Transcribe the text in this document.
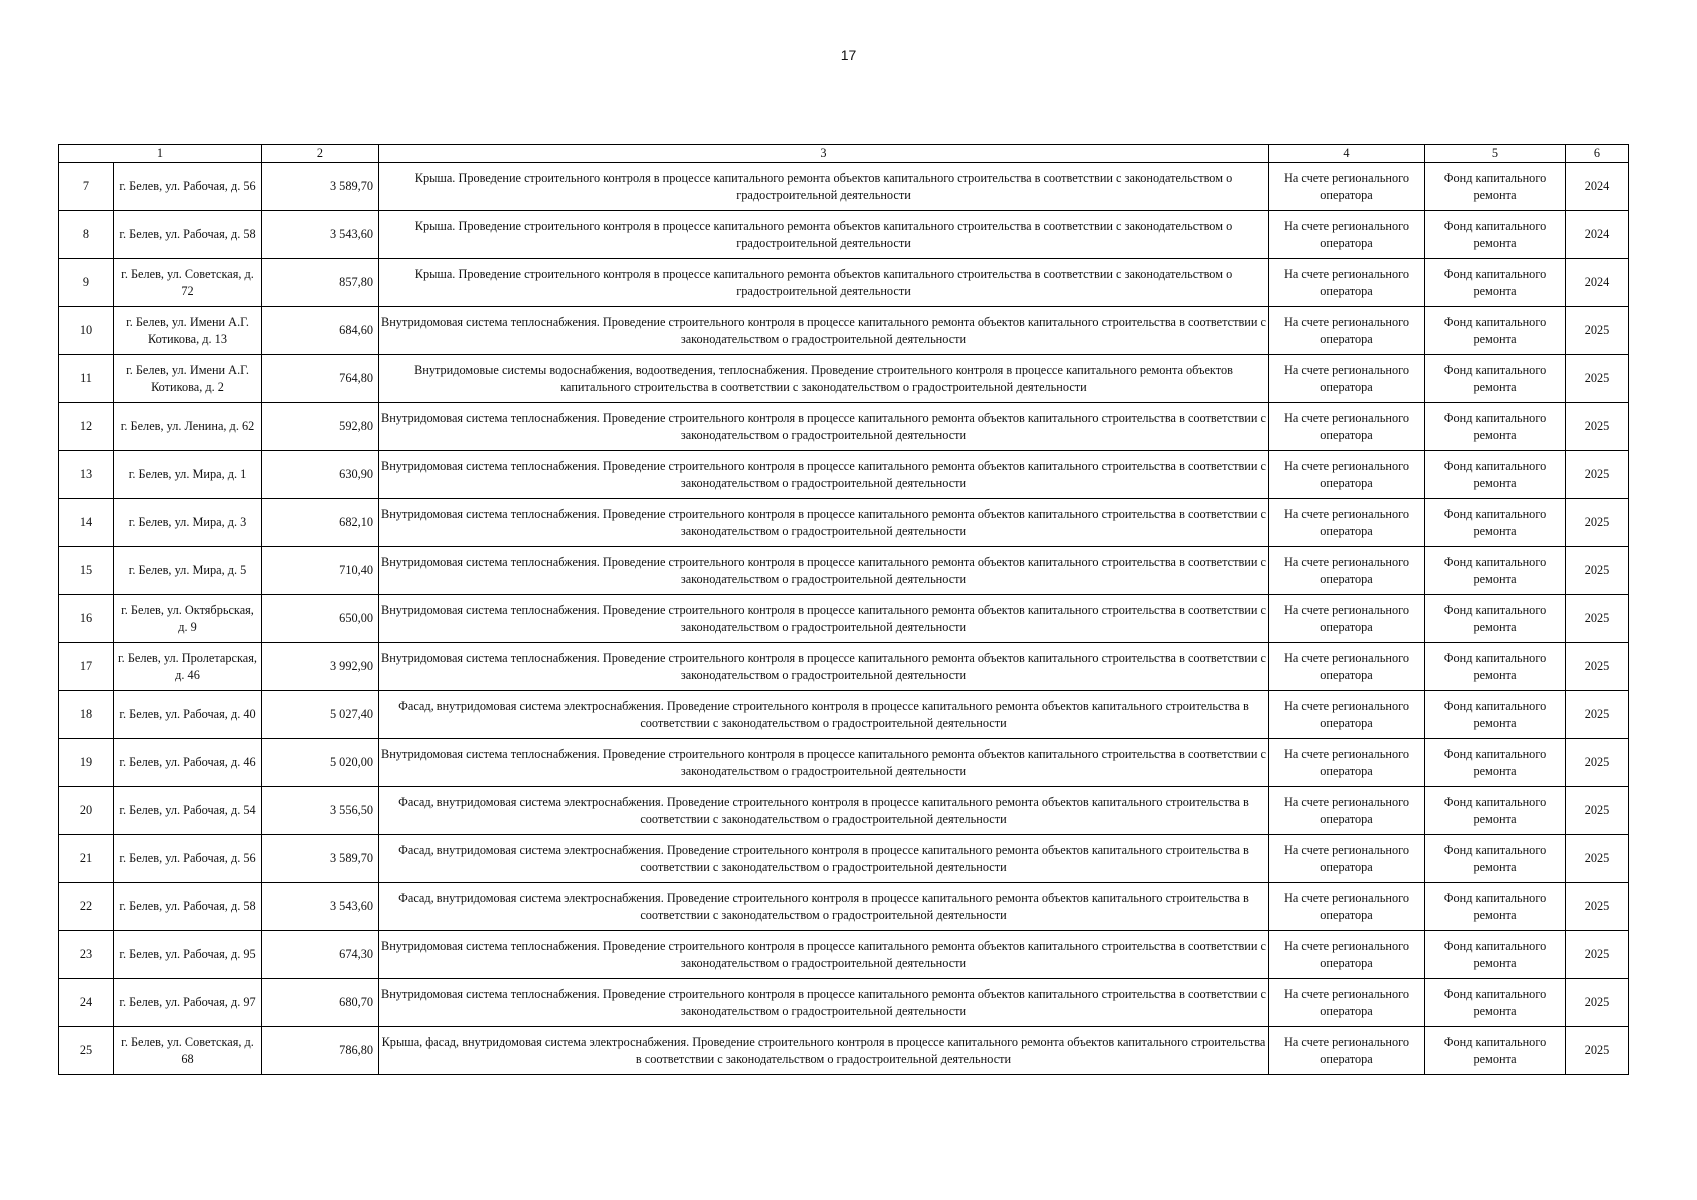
17
1		2	3	4	5	6
7	г. Белев, ул. Рабочая, д. 56	3 589,70	Крыша. Проведение строительного контроля в процессе капитального ремонта объектов капитального строительства в соответствии с законодательством о градостроительной деятельности	На счете регионального оператора	Фонд капитального ремонта	2024
8	г. Белев, ул. Рабочая, д. 58	3 543,60	Крыша. Проведение строительного контроля в процессе капитального ремонта объектов капитального строительства в соответствии с законодательством о градостроительной деятельности	На счете регионального оператора	Фонд капитального ремонта	2024
9	г. Белев, ул. Советская, д. 72	857,80	Крыша. Проведение строительного контроля в процессе капитального ремонта объектов капитального строительства в соответствии с законодательством о градостроительной деятельности	На счете регионального оператора	Фонд капитального ремонта	2024
10	г. Белев, ул. Имени А.Г. Котикова, д. 13	684,60	Внутридомовая система теплоснабжения. Проведение строительного контроля в процессе капитального ремонта объектов капитального строительства в соответствии с законодательством о градостроительной деятельности	На счете регионального оператора	Фонд капитального ремонта	2025
11	г. Белев, ул. Имени А.Г. Котикова, д. 2	764,80	Внутридомовые системы водоснабжения, водоотведения, теплоснабжения. Проведение строительного контроля в процессе капитального ремонта объектов капитального строительства в соответствии с законодательством о градостроительной деятельности	На счете регионального оператора	Фонд капитального ремонта	2025
12	г. Белев, ул. Ленина, д. 62	592,80	Внутридомовая система теплоснабжения. Проведение строительного контроля в процессе капитального ремонта объектов капитального строительства в соответствии с законодательством о градостроительной деятельности	На счете регионального оператора	Фонд капитального ремонта	2025
13	г. Белев, ул. Мира, д. 1	630,90	Внутридомовая система теплоснабжения. Проведение строительного контроля в процессе капитального ремонта объектов капитального строительства в соответствии с законодательством о градостроительной деятельности	На счете регионального оператора	Фонд капитального ремонта	2025
14	г. Белев, ул. Мира, д. 3	682,10	Внутридомовая система теплоснабжения. Проведение строительного контроля в процессе капитального ремонта объектов капитального строительства в соответствии с законодательством о градостроительной деятельности	На счете регионального оператора	Фонд капитального ремонта	2025
15	г. Белев, ул. Мира, д. 5	710,40	Внутридомовая система теплоснабжения. Проведение строительного контроля в процессе капитального ремонта объектов капитального строительства в соответствии с законодательством о градостроительной деятельности	На счете регионального оператора	Фонд капитального ремонта	2025
16	г. Белев, ул. Октябрьская, д. 9	650,00	Внутридомовая система теплоснабжения. Проведение строительного контроля в процессе капитального ремонта объектов капитального строительства в соответствии с законодательством о градостроительной деятельности	На счете регионального оператора	Фонд капитального ремонта	2025
17	г. Белев, ул. Пролетарская, д. 46	3 992,90	Внутридомовая система теплоснабжения. Проведение строительного контроля в процессе капитального ремонта объектов капитального строительства в соответствии с законодательством о градостроительной деятельности	На счете регионального оператора	Фонд капитального ремонта	2025
18	г. Белев, ул. Рабочая, д. 40	5 027,40	Фасад, внутридомовая система электроснабжения. Проведение строительного контроля в процессе капитального ремонта объектов капитального строительства в соответствии с законодательством о градостроительной деятельности	На счете регионального оператора	Фонд капитального ремонта	2025
19	г. Белев, ул. Рабочая, д. 46	5 020,00	Внутридомовая система теплоснабжения. Проведение строительного контроля в процессе капитального ремонта объектов капитального строительства в соответствии с законодательством о градостроительной деятельности	На счете регионального оператора	Фонд капитального ремонта	2025
20	г. Белев, ул. Рабочая, д. 54	3 556,50	Фасад, внутридомовая система электроснабжения. Проведение строительного контроля в процессе капитального ремонта объектов капитального строительства в соответствии с законодательством о градостроительной деятельности	На счете регионального оператора	Фонд капитального ремонта	2025
21	г. Белев, ул. Рабочая, д. 56	3 589,70	Фасад, внутридомовая система электроснабжения. Проведение строительного контроля в процессе капитального ремонта объектов капитального строительства в соответствии с законодательством о градостроительной деятельности	На счете регионального оператора	Фонд капитального ремонта	2025
22	г. Белев, ул. Рабочая, д. 58	3 543,60	Фасад, внутридомовая система электроснабжения. Проведение строительного контроля в процессе капитального ремонта объектов капитального строительства в соответствии с законодательством о градостроительной деятельности	На счете регионального оператора	Фонд капитального ремонта	2025
23	г. Белев, ул. Рабочая, д. 95	674,30	Внутридомовая система теплоснабжения. Проведение строительного контроля в процессе капитального ремонта объектов капитального строительства в соответствии с законодательством о градостроительной деятельности	На счете регионального оператора	Фонд капитального ремонта	2025
24	г. Белев, ул. Рабочая, д. 97	680,70	Внутридомовая система теплоснабжения. Проведение строительного контроля в процессе капитального ремонта объектов капитального строительства в соответствии с законодательством о градостроительной деятельности	На счете регионального оператора	Фонд капитального ремонта	2025
25	г. Белев, ул. Советская, д. 68	786,80	Крыша, фасад, внутридомовая система электроснабжения. Проведение строительного контроля в процессе капитального ремонта объектов капитального строительства в соответствии с законодательством о градостроительной деятельности	На счете регионального оператора	Фонд капитального ремонта	2025
